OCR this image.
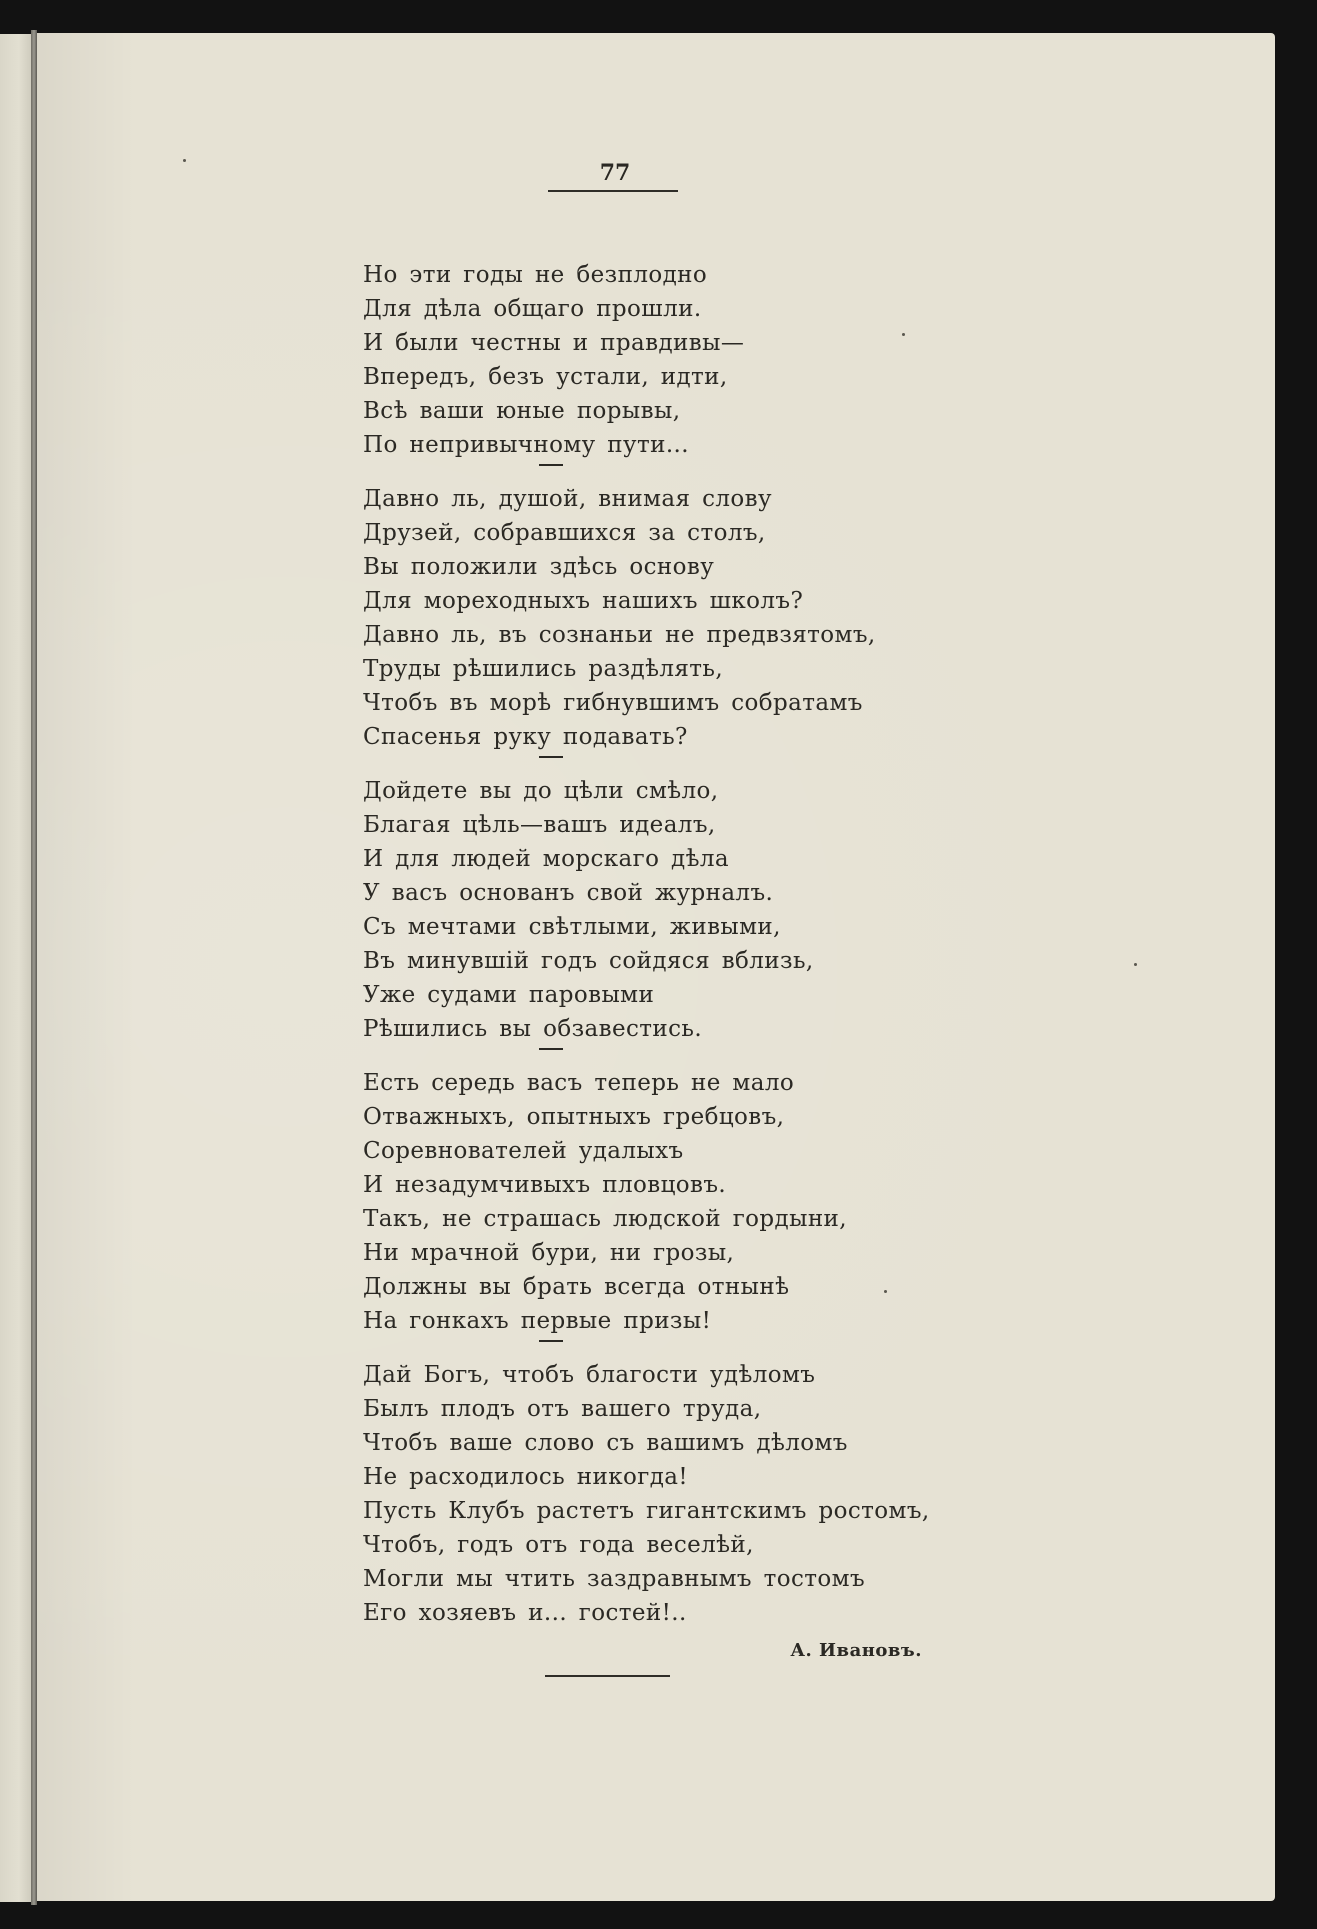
77
Но эти годы не безплодно
Для дѣла общаго прошли.
И были честны и правдивы—
Впередъ, безъ устали, идти,
Всѣ ваши юные порывы,
По непривычному пути...
Давно ль, душой, внимая слову
Друзей, собравшихся за столъ,
Вы положили здѣсь основу
Для мореходныхъ нашихъ школъ?
Давно ль, въ сознаньи не предвзятомъ,
Труды рѣшились раздѣлять,
Чтобъ въ морѣ гибнувшимъ собратамъ
Спасенья руку подавать?
Дойдете вы до цѣли смѣло,
Благая цѣль—вашъ идеалъ,
И для людей морскаго дѣла
У васъ основанъ свой журналъ.
Съ мечтами свѣтлыми, живыми,
Въ минувшій годъ сойдяся вблизь,
Уже судами паровыми
Рѣшились вы обзавестись.
Есть середь васъ теперь не мало
Отважныхъ, опытныхъ гребцовъ,
Соревнователей удалыхъ
И незадумчивыхъ пловцовъ.
Такъ, не страшась людской гордыни,
Ни мрачной бури, ни грозы,
Должны вы брать всегда отнынѣ
На гонкахъ первые призы!
Дай Богъ, чтобъ благости удѣломъ
Былъ плодъ отъ вашего труда,
Чтобъ ваше слово съ вашимъ дѣломъ
Не расходилось никогда!
Пусть Клубъ растетъ гигантскимъ ростомъ,
Чтобъ, годъ отъ года веселѣй,
Могли мы чтить заздравнымъ тостомъ
Его хозяевъ и... гостей!..
А. Ивановъ.
